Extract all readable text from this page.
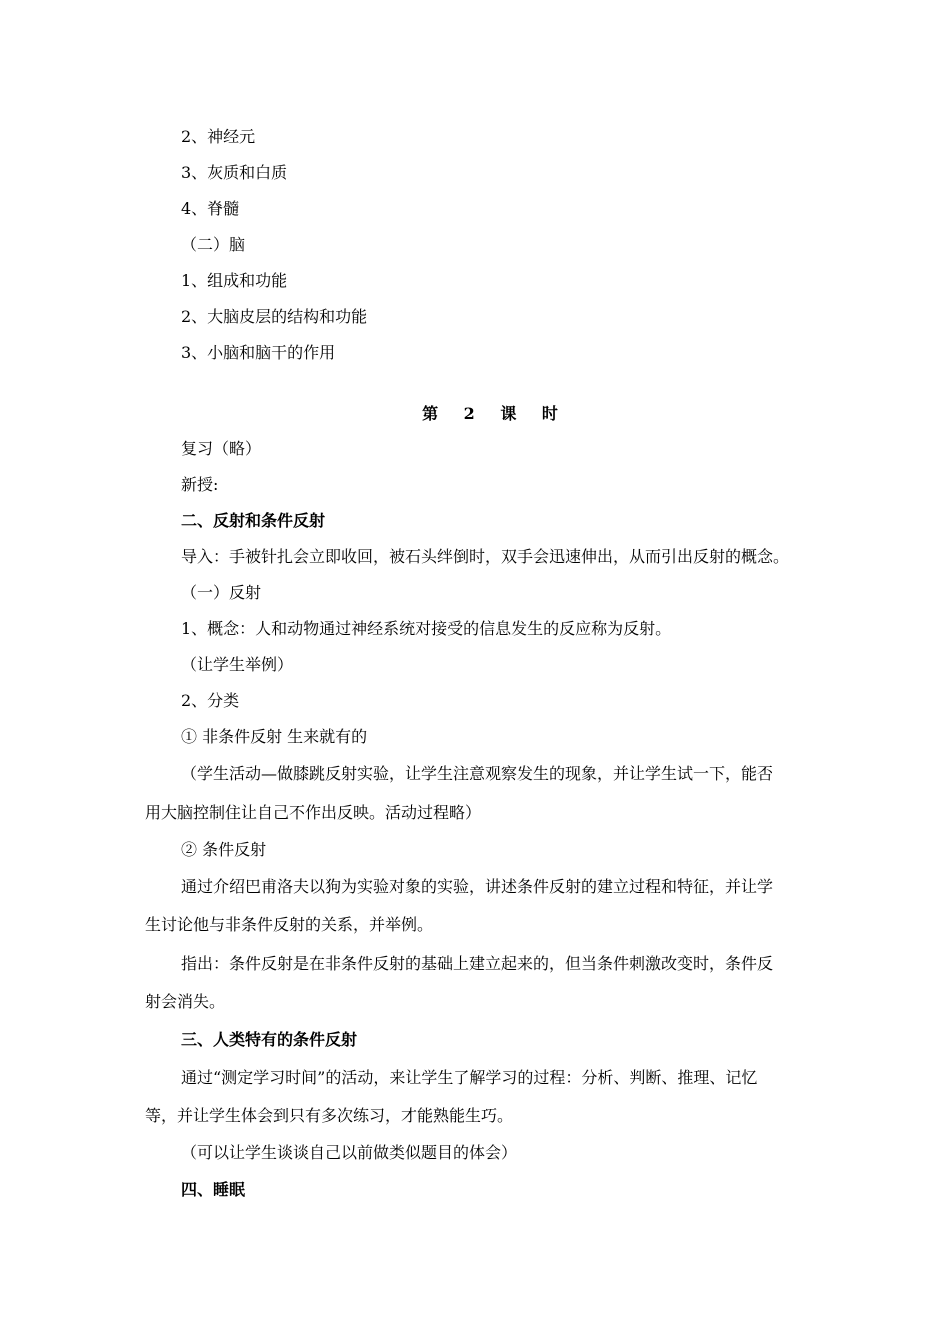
2、神经元
3、灰质和白质
4、脊髓
（二）脑
1、组成和功能
2、大脑皮层的结构和功能
3、小脑和脑干的作用
第 2 课 时
复习（略）
新授:
二、反射和条件反射
导入：手被针扎会立即收回，被石头绊倒时，双手会迅速伸出，从而引出反射的概念。
（一）反射
1、概念：人和动物通过神经系统对接受的信息发生的反应称为反射。
（让学生举例）
2、分类
① 非条件反射 生来就有的
（学生活动—做膝跳反射实验，让学生注意观察发生的现象，并让学生试一下，能否
用大脑控制住让自己不作出反映。活动过程略）
② 条件反射
通过介绍巴甫洛夫以狗为实验对象的实验，讲述条件反射的建立过程和特征，并让学
生讨论他与非条件反射的关系，并举例。
指出：条件反射是在非条件反射的基础上建立起来的，但当条件刺激改变时，条件反
射会消失。
三、人类特有的条件反射
通过“测定学习时间”的活动，来让学生了解学习的过程：分析、判断、推理、记忆
等，并让学生体会到只有多次练习，才能熟能生巧。
（可以让学生谈谈自己以前做类似题目的体会）
四、睡眠
